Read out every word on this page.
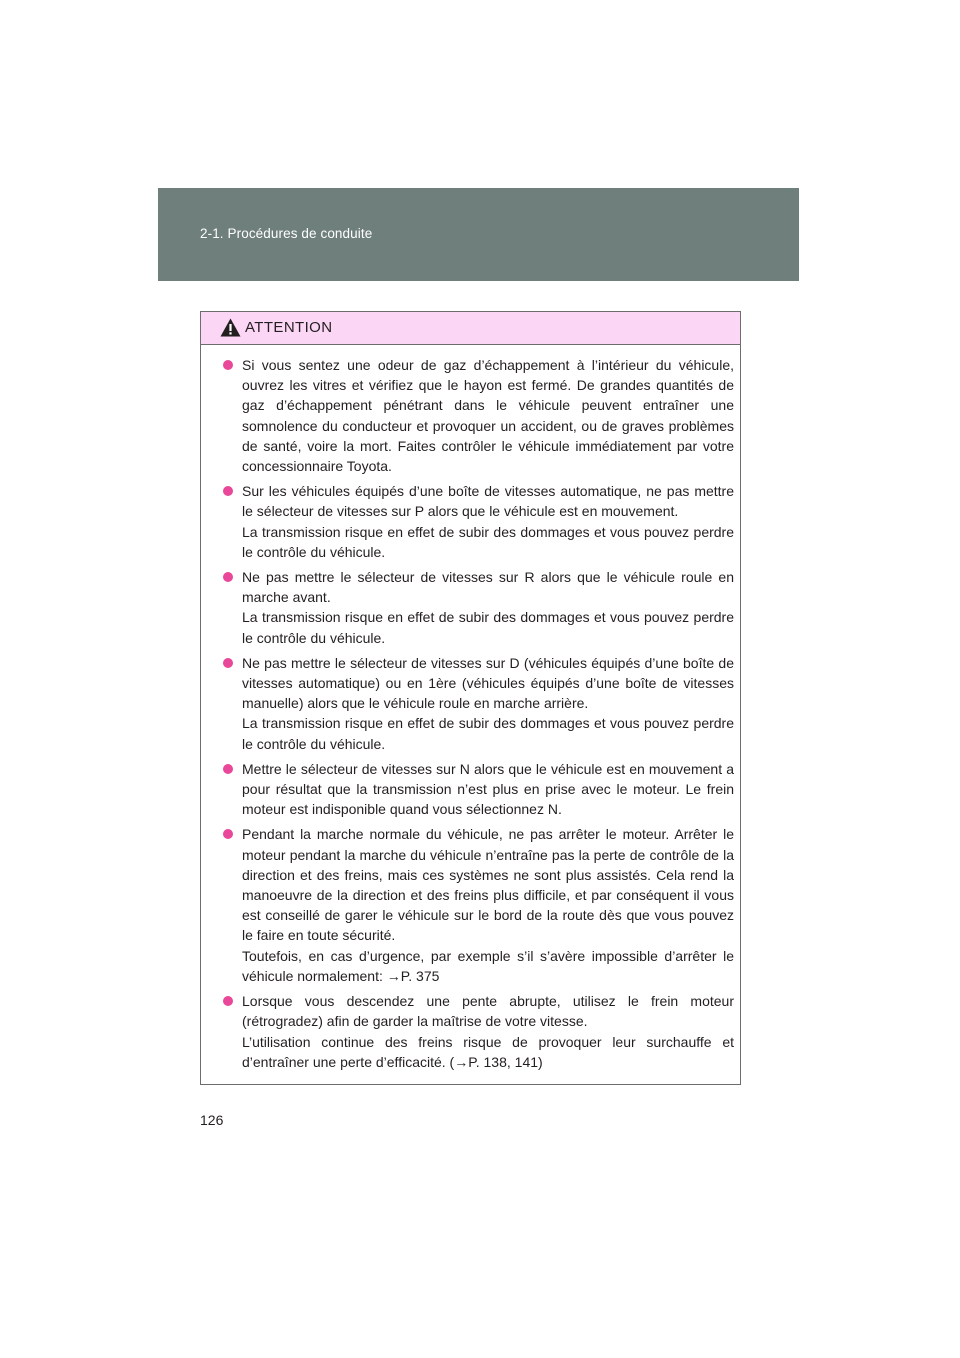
2-1. Procédures de conduite
ATTENTION

Si vous sentez une odeur de gaz d’échappement à l’intérieur du véhicule, ouvrez les vitres et vérifiez que le hayon est fermé. De grandes quantités de gaz d’échappement pénétrant dans le véhicule peuvent entraîner une somnolence du conducteur et provoquer un accident, ou de graves problèmes de santé, voire la mort. Faites contrôler le véhicule immédiatement par votre concessionnaire Toyota.

Sur les véhicules équipés d’une boîte de vitesses automatique, ne pas mettre le sélecteur de vitesses sur P alors que le véhicule est en mouvement.

La transmission risque en effet de subir des dommages et vous pouvez perdre le contrôle du véhicule.

Ne pas mettre le sélecteur de vitesses sur R alors que le véhicule roule en marche avant.

La transmission risque en effet de subir des dommages et vous pouvez perdre le contrôle du véhicule.

Ne pas mettre le sélecteur de vitesses sur D (véhicules équipés d’une boîte de vitesses automatique) ou en 1ère (véhicules équipés d’une boîte de vitesses manuelle) alors que le véhicule roule en marche arrière.

La transmission risque en effet de subir des dommages et vous pouvez perdre le contrôle du véhicule.

Mettre le sélecteur de vitesses sur N alors que le véhicule est en mouvement a pour résultat que la transmission n’est plus en prise avec le moteur. Le frein moteur est indisponible quand vous sélectionnez N.

Pendant la marche normale du véhicule, ne pas arrêter le moteur. Arrêter le moteur pendant la marche du véhicule n’entraîne pas la perte de contrôle de la direction et des freins, mais ces systèmes ne sont plus assistés. Cela rend la manoeuvre de la direction et des freins plus difficile, et par conséquent il vous est conseillé de garer le véhicule sur le bord de la route dès que vous pouvez le faire en toute sécurité.

Toutefois, en cas d’urgence, par exemple s’il s’avère impossible d’arrêter le véhicule normalement: →P. 375

Lorsque vous descendez une pente abrupte, utilisez le frein moteur (rétrogradez) afin de garder la maîtrise de votre vitesse.

L’utilisation continue des freins risque de provoquer leur surchauffe et d’entraîner une perte d’efficacité. (→P. 138, 141)

126
